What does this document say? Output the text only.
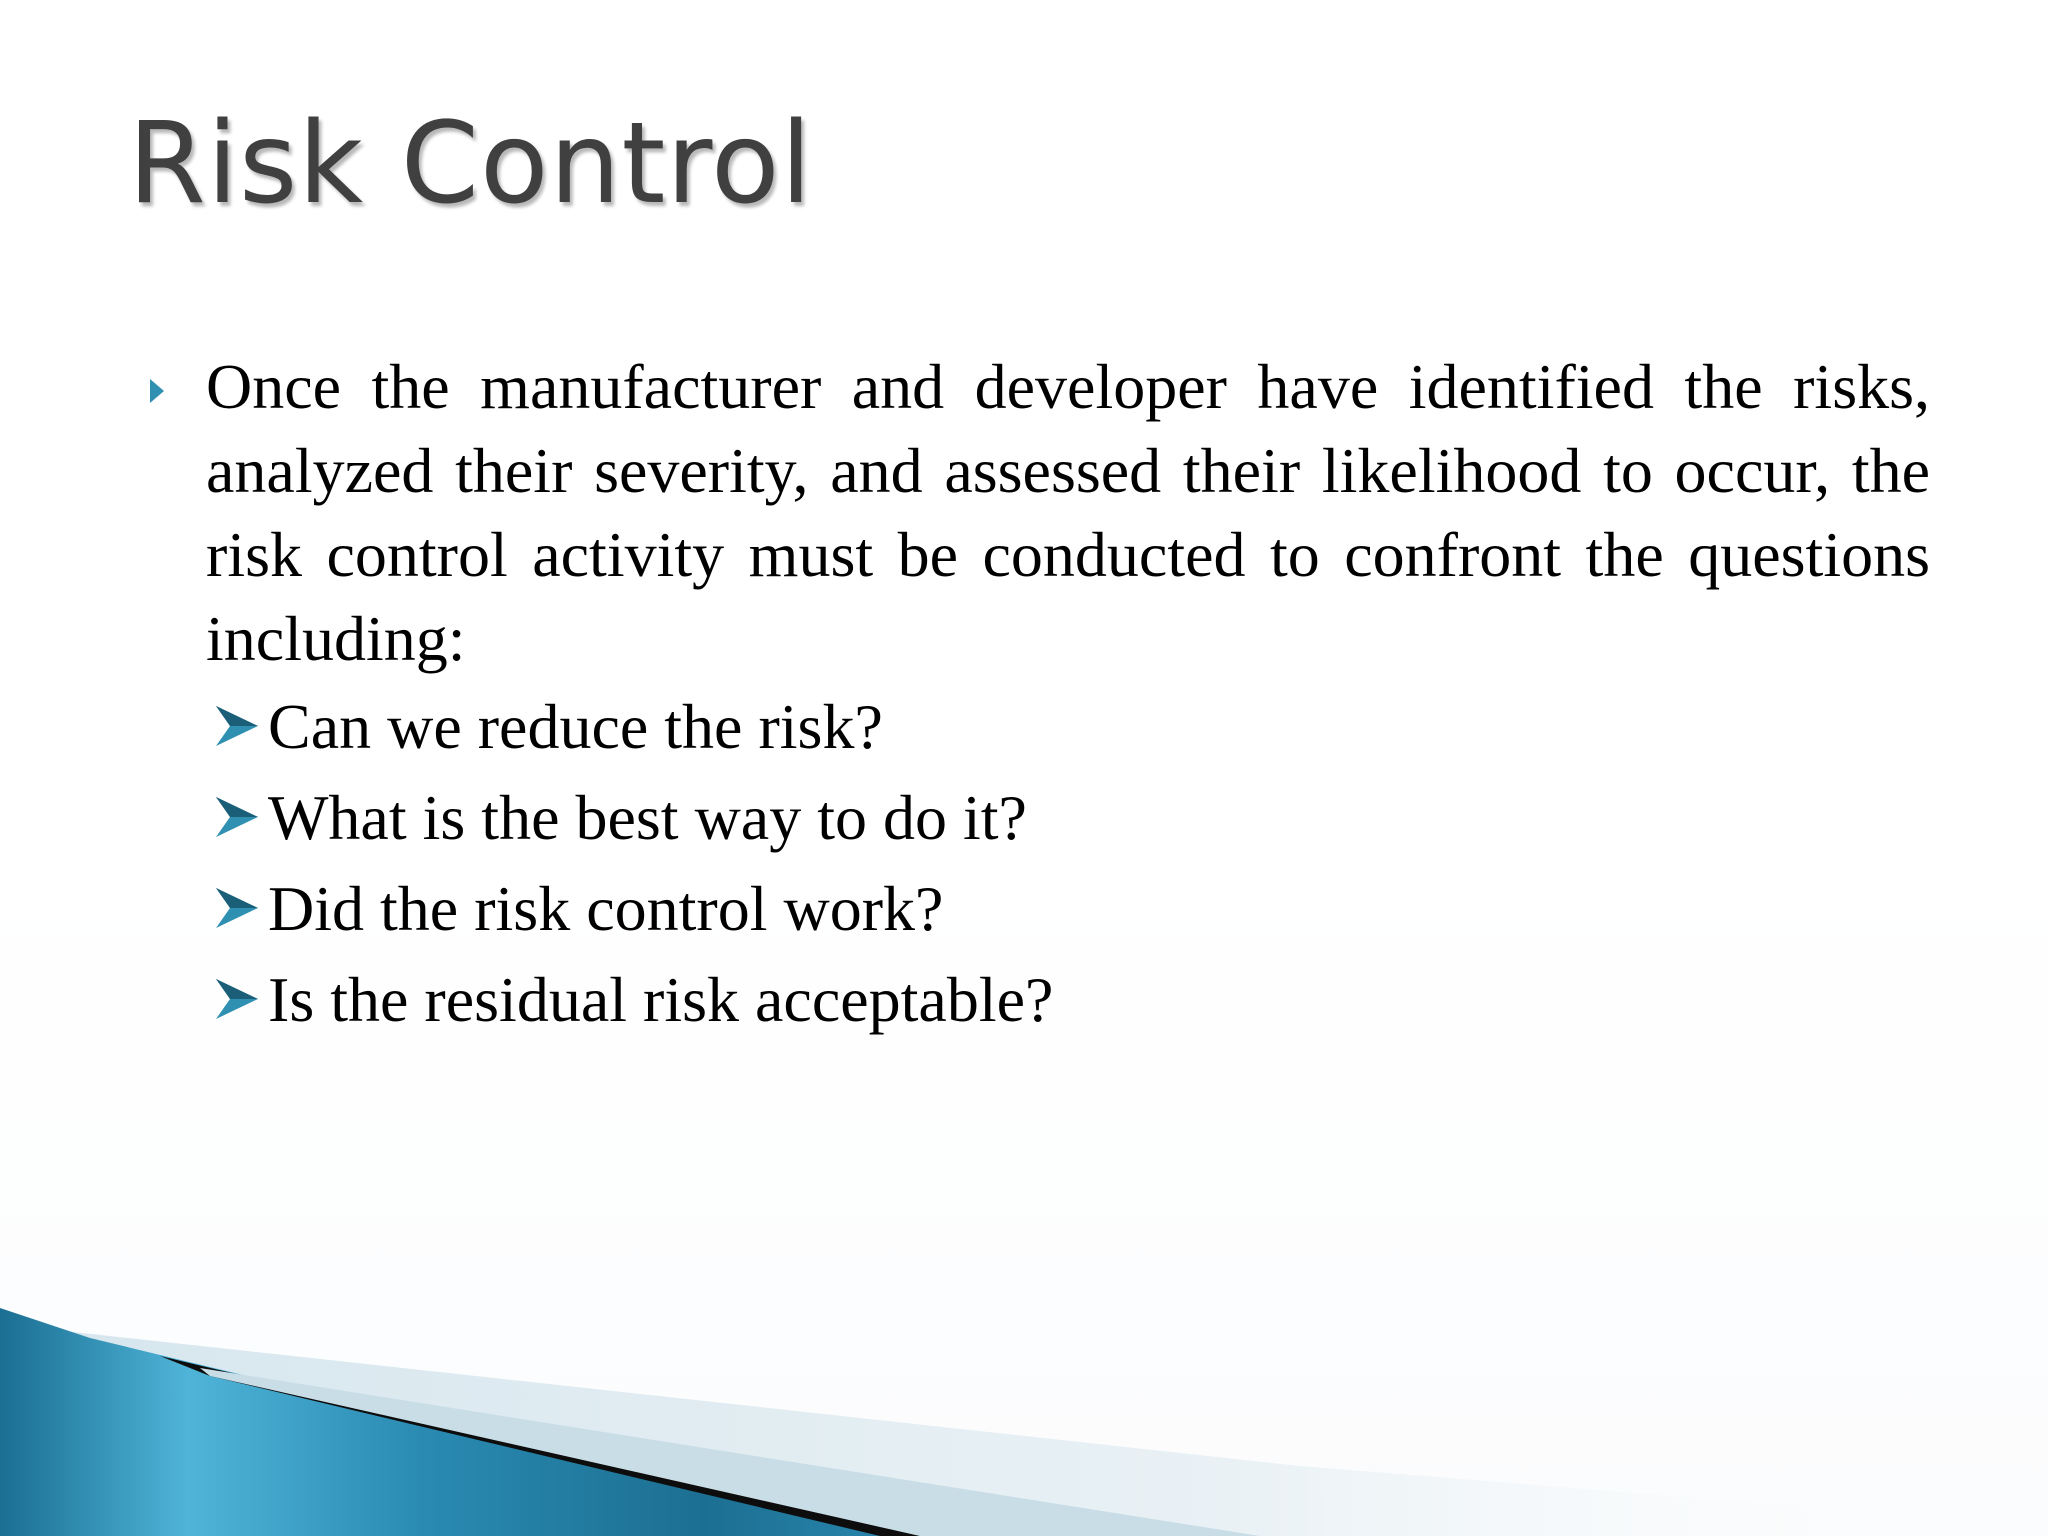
Risk Control
Once the manufacturer and developer have identified the risks, analyzed their severity, and assessed their likelihood to occur, the risk control activity must be conducted to confront the questions including:
Can we reduce the risk?
What is the best way to do it?
Did the risk control work?
Is the residual risk acceptable?
